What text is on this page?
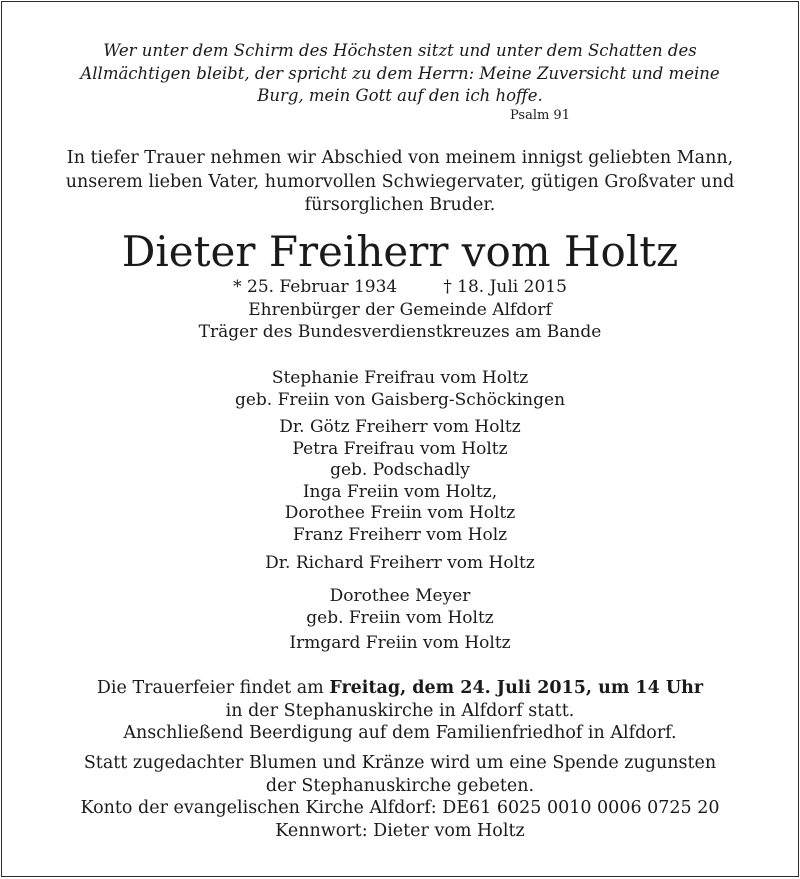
Wer unter dem Schirm des Höchsten sitzt und unter dem Schatten des
Allmächtigen bleibt, der spricht zu dem Herrn: Meine Zuversicht und meine
Burg, mein Gott auf den ich hoffe.
Psalm 91
In tiefer Trauer nehmen wir Abschied von meinem innigst geliebten Mann,
unserem lieben Vater, humorvollen Schwiegervater, gütigen Großvater und
fürsorglichen Bruder.
Dieter Freiherr vom Holtz
* 25. Februar 1934	† 18. Juli 2015
Ehrenbürger der Gemeinde Alfdorf
Träger des Bundesverdienstkreuzes am Bande
Stephanie Freifrau vom Holtz
geb. Freiin von Gaisberg-Schöckingen
Dr. Götz Freiherr vom Holtz
Petra Freifrau vom Holtz
geb. Podschadly
Inga Freiin vom Holtz,
Dorothee Freiin vom Holtz
Franz Freiherr vom Holz
Dr. Richard Freiherr vom Holtz
Dorothee Meyer
geb. Freiin vom Holtz
Irmgard Freiin vom Holtz
Die Trauerfeier findet am Freitag, dem 24. Juli 2015, um 14 Uhr
in der Stephanuskirche in Alfdorf statt.
Anschließend Beerdigung auf dem Familienfriedhof in Alfdorf.
Statt zugedachter Blumen und Kränze wird um eine Spende zugunsten
der Stephanuskirche gebeten.
Konto der evangelischen Kirche Alfdorf: DE61 6025 0010 0006 0725 20
Kennwort: Dieter vom Holtz
